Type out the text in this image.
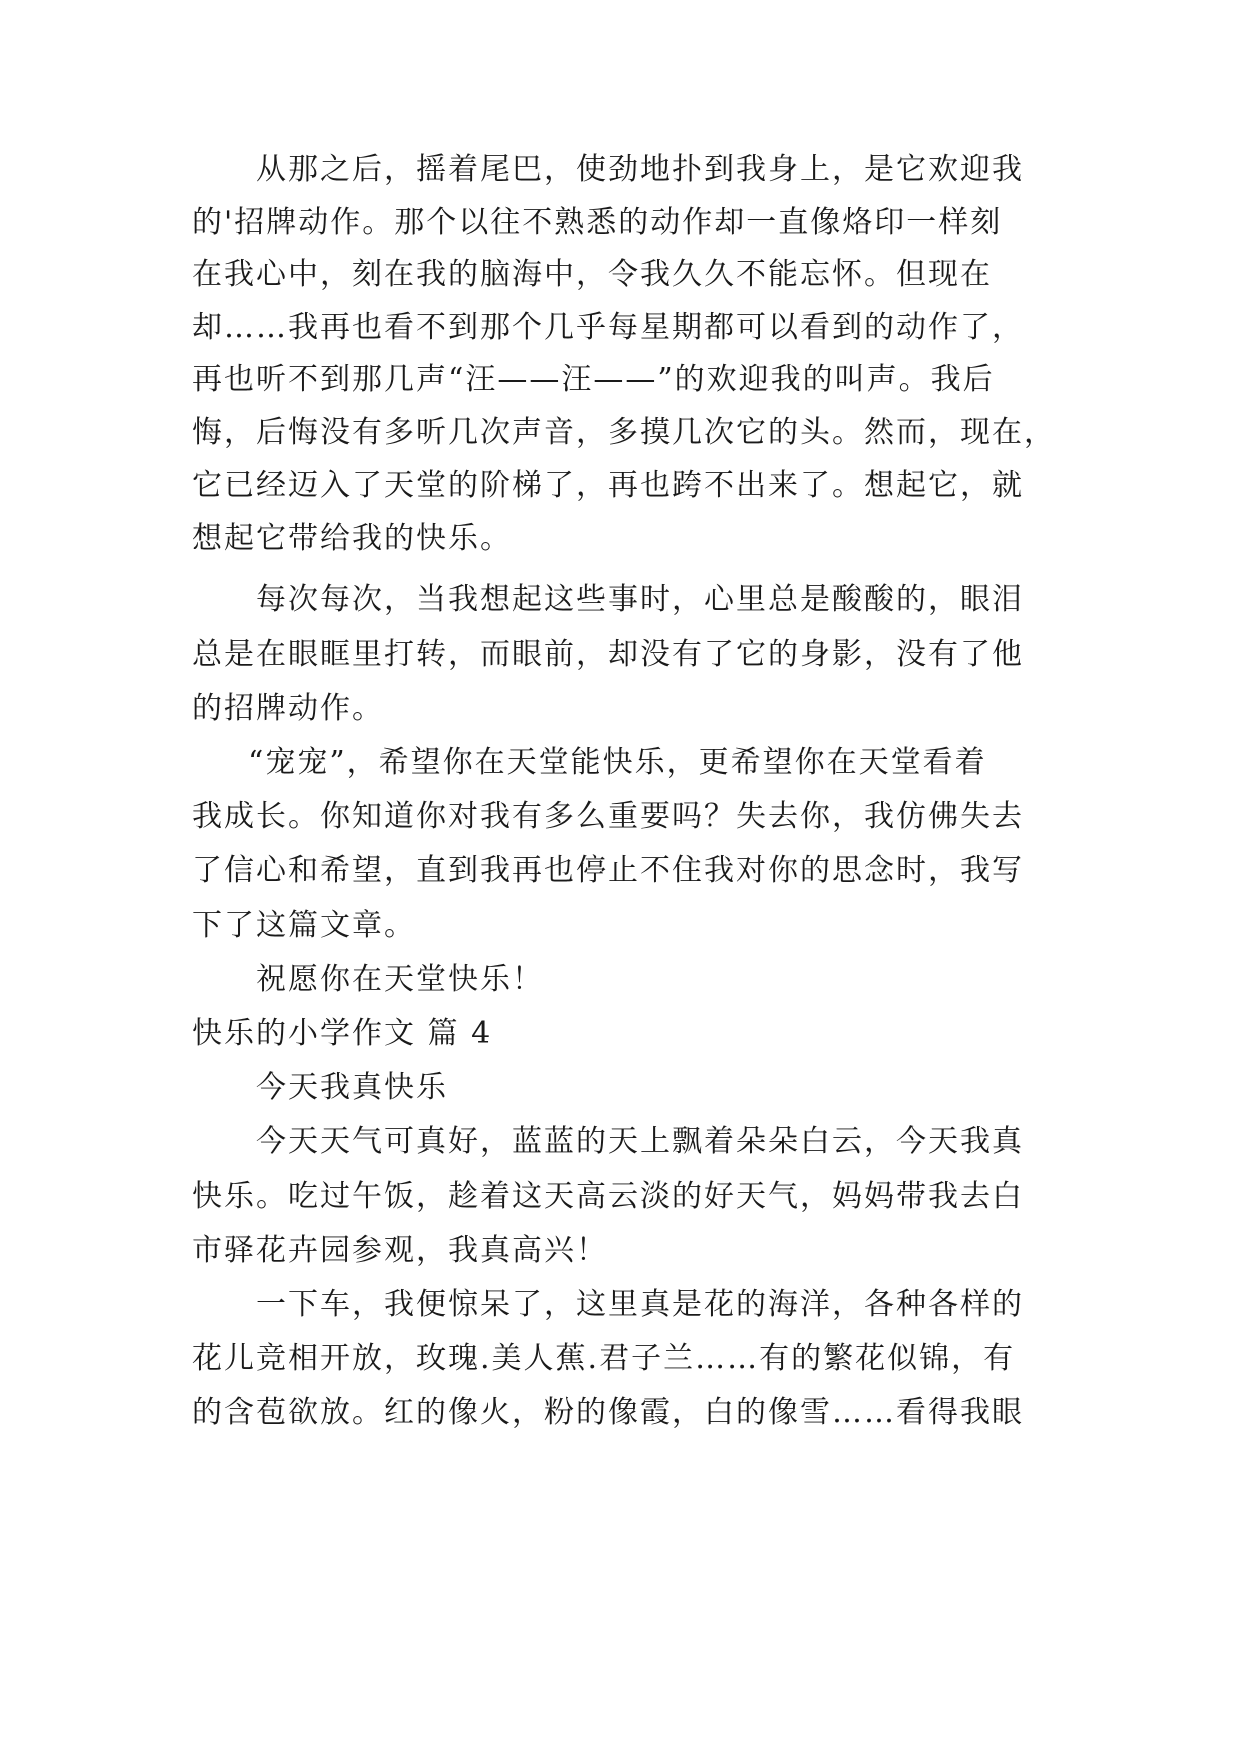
从那之后，摇着尾巴，使劲地扑到我身上，是它欢迎我
的'招牌动作。那个以往不熟悉的动作却一直像烙印一样刻
在我心中，刻在我的脑海中，令我久久不能忘怀。但现在
却……我再也看不到那个几乎每星期都可以看到的动作了，
再也听不到那几声“汪——汪——”的欢迎我的叫声。我后
悔，后悔没有多听几次声音，多摸几次它的头。然而，现在，
它已经迈入了天堂的阶梯了，再也跨不出来了。想起它，就
想起它带给我的快乐。
每次每次，当我想起这些事时，心里总是酸酸的，眼泪
总是在眼眶里打转，而眼前，却没有了它的身影，没有了他
的招牌动作。
“宠宠”，希望你在天堂能快乐，更希望你在天堂看着
我成长。你知道你对我有多么重要吗？失去你，我仿佛失去
了信心和希望，直到我再也停止不住我对你的思念时，我写
下了这篇文章。
祝愿你在天堂快乐！
快乐的小学作文 篇 4
今天我真快乐
今天天气可真好，蓝蓝的天上飘着朵朵白云，今天我真
快乐。吃过午饭，趁着这天高云淡的好天气，妈妈带我去白
市驿花卉园参观，我真高兴！
一下车，我便惊呆了，这里真是花的海洋，各种各样的
花儿竞相开放，玫瑰.美人蕉.君子兰……有的繁花似锦，有
的含苞欲放。红的像火，粉的像霞，白的像雪……看得我眼
